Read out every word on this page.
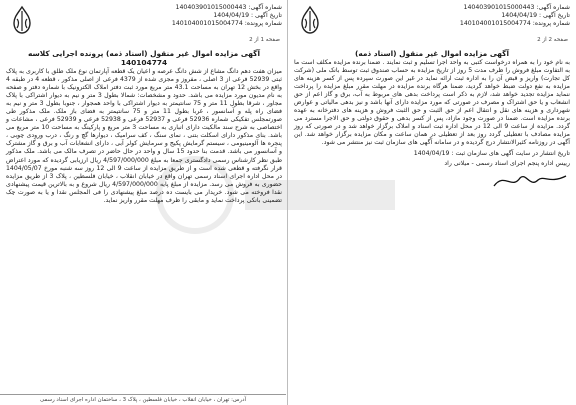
شماره آگهی: 140403901015000443
تاریخ آگهی : 1404/04/19
شماره پرونده: 140104001015004774
صفحه 2 از 2
آگهی مزایده اموال غیر منقول (اسناد ذمه)
به نام خود را به همراه درخواست کتبی به واحد اجرا تسلیم و ثبت نمایند . ضمنا برنده مزایده مکلف است ما به التفاوت مبلغ فروش را ظرف مدت 5 روز از تاریخ مزایده به حساب صندوق ثبت توسط بانک ملی (شرکت کل تجارت) واریز و قبض آن را به اداره ثبت ارائه نماید در غیر این صورت سپرده پس از کسر هزینه های مزایده به نفع دولت ضبط خواهد گردید، ضمنا هرگاه برنده مزایده در مهلت مقرر مبلغ مزایده را پرداخت ننماید مزایده تجدید خواهد شد، لازم به ذکر است پرداخت بدهی های مربوط به آب، برق و گاز اعم از حق انشعاب و یا حق اشتراک و مصرف در صورتی که مورد مزایده دارای آنها باشد و نیز بدهی مالیاتی و عوارض شهرداری و هزینه های نقل و انتقال اعم از حق الثبت و حق الثبت فروش و هزینه های دفترخانه به عهده برنده مزایده است. ضمنا در صورت وجود مازاد، پس از کسر بدهی و حقوق دولتی و حق الاجرا مسترد می گردد. مزایده از ساعت 9 الی 12 در محل اداره ثبت اسناد و املاک برگزار خواهد شد و در صورتی که روز مزایده مصادف با تعطیلی گردد روز بعد از تعطیلی در همان ساعت و مکان مزایده برگزار خواهد شد. این آگهی در روزنامه کثیرالانتشار درج گردیده و در سامانه آگهی های سازمان ثبت نیز منتشر می شود.
تاریخ انتشار در سایت آگهی های سازمان ثبت : 1404/04/19
رییس اداره پنجم اجرای اسناد رسمی - میلانی راد
شماره آگهی: 140403901015000443
تاریخ آگهی : 1404/04/19
شماره پرونده: 140104001015004774
صفحه 1 از 2
آگهی مزایده اموال غیر منقول (اسناد ذمه) پرونده اجرایی کلاسه 140104774
میزان هفت دهم دانگ مشاع از شش دانگ عرصه و اعیان یک قطعه آپارتمان نوع ملک طلق با کاربری به پلاک ثبتی 52939 فرعی از 3 اصلی ، مفروز و مجزی شده از 4379 فرعی از اصلی مذکور ، قطعه 4 در طبقه 4 واقع در بخش 12 تهران به مساحت 43.1 متر مربع مورد ثبت دفتر املاک الکترونیک با شماره دفتر و صفحه به نام مدیون مورد مزایده می باشد. حدود و مشخصات: شمالا بطول 3 متر و نیم به دیوار اشتراکی با پلاک مجاور ، شرقا بطول 11 متر و 75 سانتیمتر به دیوار اشتراکی با واحد همجوار ، جنوبا بطول 3 متر و نیم به فضای راه پله و آسانسور ، غربا بطول 11 متر و 75 سانتیمتر به فضای باز ملک. ملک مذکور طی صورتمجلس تفکیکی شماره 52936 فرعی و 52937 فرعی و 52938 فرعی و 52939 فرعی ، مشاعات و اختصاصی به شرح سند مالکیت دارای انباری به مساحت 3 متر مربع و پارکینگ به مساحت 10 متر مربع می باشد. بنای مذکور دارای اسکلت بتنی ، نمای سنگ ، کف سرامیک ، دیوارها گچ و رنگ ، درب ورودی چوبی ، پنجره ها آلومینیومی ، سیستم گرمایش پکیج و سرمایش کولر آبی ، دارای انشعابات آب و برق و گاز مشترک و آسانسور می باشد. قدمت بنا حدود 15 سال و واحد در حال حاضر در تصرف مالک می باشد. ملک مذکور طبق نظر کارشناس رسمی دادگستری جمعا به مبلغ 4/597/000/000 ریال ارزیابی گردیده که مورد اعتراض قرار نگرفته و قطعی شده است و از طریق مزایده از ساعت 9 الی 12 روز سه شنبه مورخ 1404/05/07 در محل اداره اجرای اسناد رسمی تهران واقع در خیابان انقلاب ، خیابان فلسطین ، پلاک 3 از طریق مزایده حضوری به فروش می رسد. مزایده از مبلغ پایه 4/597/000/000 ریال شروع و به بالاترین قیمت پیشنهادی نقدا فروخته می شود. خریدار می بایست ده درصد مبلغ پیشنهادی را فی المجلس نقدا و یا به صورت چک تضمینی بانکی پرداخت نماید و مابقی را ظرف مهلت مقرر واریز نماید.
آدرس: تهران ، خیابان انقلاب ، خیابان فلسطین ، پلاک 3 ، ساختمان اداره اجرای اسناد رسمی
